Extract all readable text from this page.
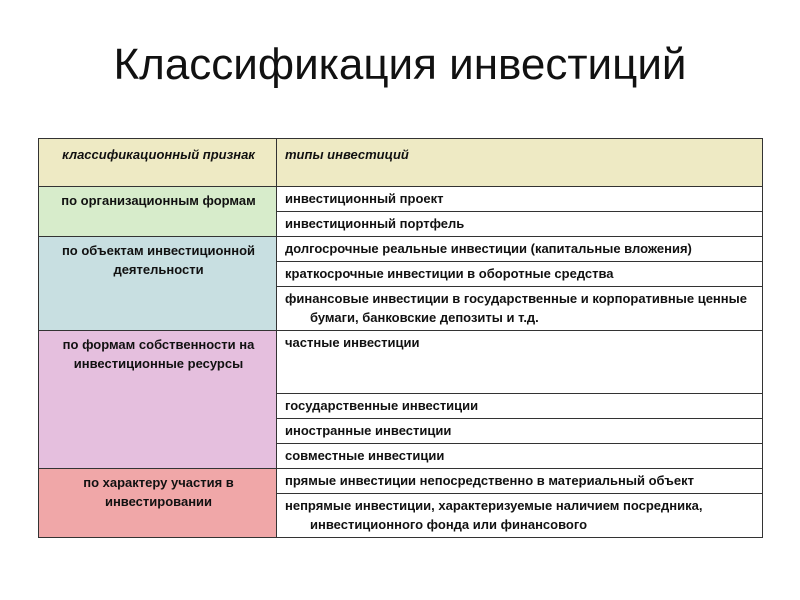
Классификация инвестиций
классификационный признак	типы инвестиций
по организационным формам	инвестиционный проект
	инвестиционный портфель
по объектам инвестиционной деятельности	долгосрочные реальные инвестиции (капитальные вложения)
	краткосрочные инвестиции в оборотные средства
	финансовые инвестиции в государственные и корпоративные ценные бумаги, банковские депозиты и т.д.
по формам собственности на инвестиционные ресурсы	частные инвестиции
	государственные инвестиции
	иностранные инвестиции
	совместные инвестиции
по характеру участия в инвестировании	прямые инвестиции непосредственно в материальный объект
	непрямые инвестиции, характеризуемые наличием посредника, инвестиционного фонда или финансового
